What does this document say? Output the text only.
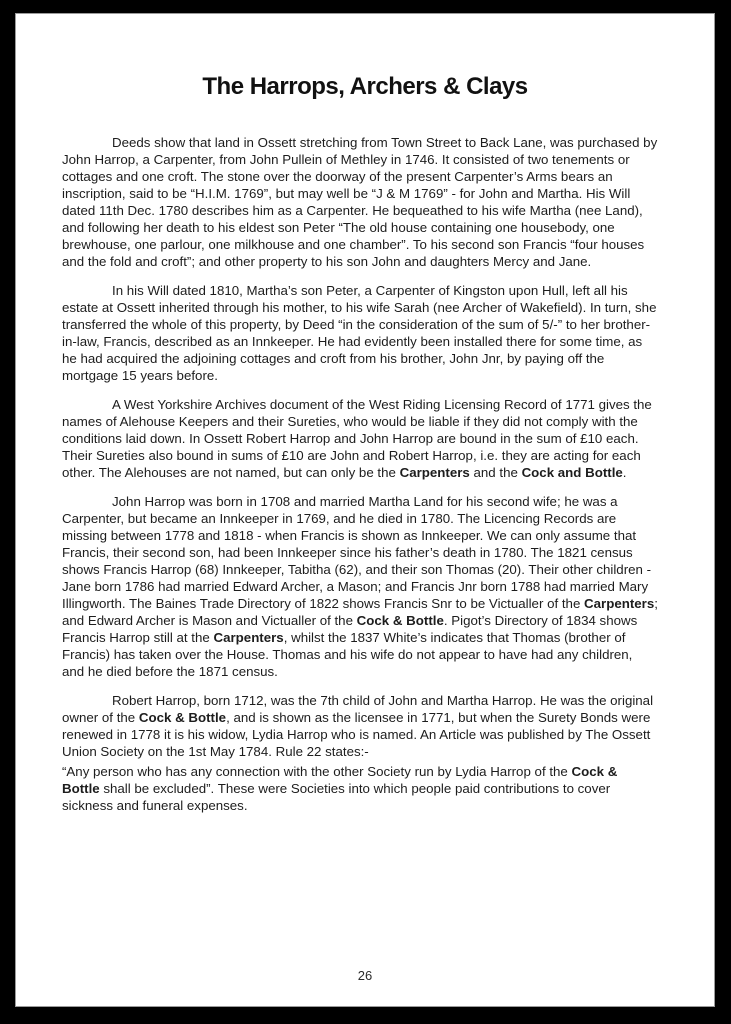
The Harrops, Archers & Clays

Deeds show that land in Ossett stretching from Town Street to Back Lane, was purchased by John Harrop, a Carpenter, from John Pullein of Methley in 1746. It consisted of two tenements or cottages and one croft. The stone over the doorway of the present Carpenter’s Arms bears an inscription, said to be “H.I.M. 1769”, but may well be “J & M 1769” - for John and Martha. His Will dated 11th Dec. 1780 describes him as a Carpenter. He bequeathed to his wife Martha (nee Land), and following her death to his eldest son Peter “The old house containing one housebody, one brewhouse, one parlour, one milkhouse and one chamber”. To his second son Francis “four houses and the fold and croft”; and other property to his son John and daughters Mercy and Jane.

In his Will dated 1810, Martha’s son Peter, a Carpenter of Kingston upon Hull, left all his estate at Ossett inherited through his mother, to his wife Sarah (nee Archer of Wakefield). In turn, she transferred the whole of this property, by Deed “in the consideration of the sum of 5/-” to her brother-in-law, Francis, described as an Innkeeper. He had evidently been installed there for some time, as he had acquired the adjoining cottages and croft from his brother, John Jnr, by paying off the mortgage 15 years before.

A West Yorkshire Archives document of the West Riding Licensing Record of 1771 gives the names of Alehouse Keepers and their Sureties, who would be liable if they did not comply with the conditions laid down. In Ossett Robert Harrop and John Harrop are bound in the sum of £10 each. Their Sureties also bound in sums of £10 are John and Robert Harrop, i.e. they are acting for each other. The Alehouses are not named, but can only be the Carpenters and the Cock and Bottle.

John Harrop was born in 1708 and married Martha Land for his second wife; he was a Carpenter, but became an Innkeeper in 1769, and he died in 1780. The Licencing Records are missing between 1778 and 1818 - when Francis is shown as Innkeeper. We can only assume that Francis, their second son, had been Innkeeper since his father’s death in 1780. The 1821 census shows Francis Harrop (68) Innkeeper, Tabitha (62), and their son Thomas (20). Their other children - Jane born 1786 had married Edward Archer, a Mason; and Francis Jnr born 1788 had married Mary Illingworth. The Baines Trade Directory of 1822 shows Francis Snr to be Victualler of the Carpenters; and Edward Archer is Mason and Victualler of the Cock & Bottle. Pigot’s Directory of 1834 shows Francis Harrop still at the Carpenters, whilst the 1837 White’s indicates that Thomas (brother of Francis) has taken over the House. Thomas and his wife do not appear to have had any children, and he died before the 1871 census.

Robert Harrop, born 1712, was the 7th child of John and Martha Harrop. He was the original owner of the Cock & Bottle, and is shown as the licensee in 1771, but when the Surety Bonds were renewed in 1778 it is his widow, Lydia Harrop who is named. An Article was published by The Ossett Union Society on the 1st May 1784. Rule 22 states:-

“Any person who has any connection with the other Society run by Lydia Harrop of the Cock & Bottle shall be excluded”. These were Societies into which people paid contributions to cover sickness and funeral expenses.

26
